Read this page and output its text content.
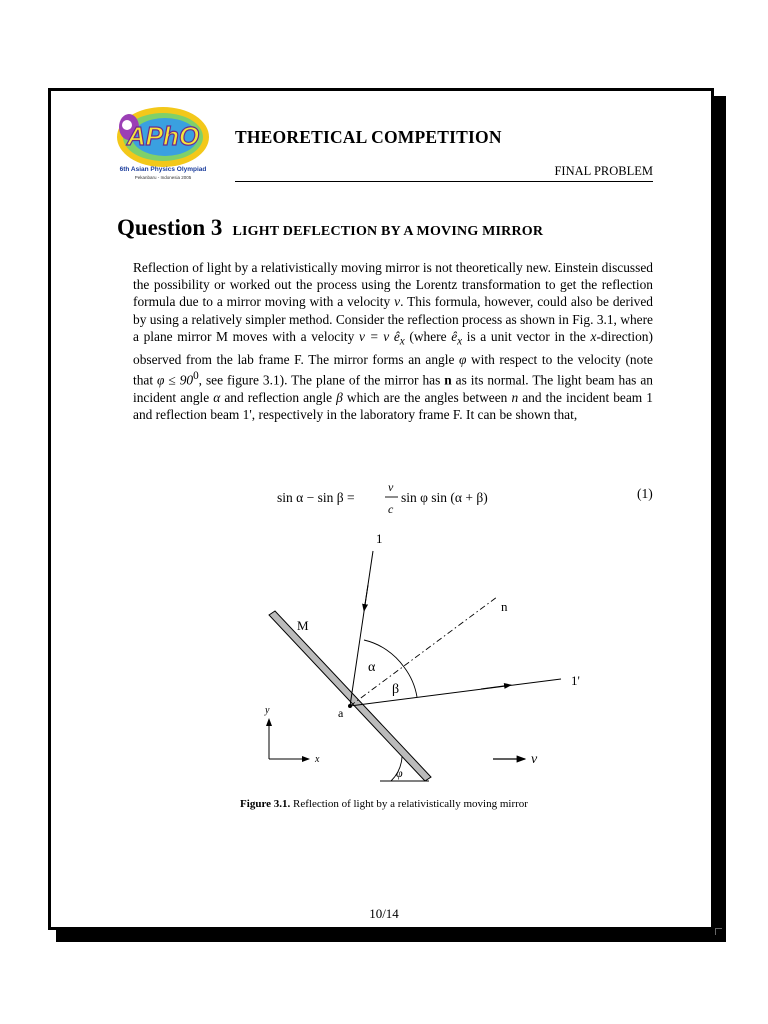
APhO
6th Asian Physics Olympiad
Pekanbaru - Indonesia 2005
THEORETICAL COMPETITION
FINAL PROBLEM
Question 3 LIGHT DEFLECTION BY A MOVING MIRROR

Reflection of light by a relativistically moving mirror is not theoretically new. Einstein discussed the possibility or worked out the process using the Lorentz transformation to get the reflection formula due to a mirror moving with a velocity v. This formula, however, could also be derived by using a relatively simpler method. Consider the reflection process as shown in Fig. 3.1, where a plane mirror M moves with a velocity v = v $ê_x$ (where $ê_x$ is a unit vector in the x-direction) observed from the lab frame F. The mirror forms an angle φ with respect to the velocity (note that $\varphi \le 90^0$, see figure 3.1). The plane of the mirror has n as its normal. The light beam has an incident angle α and reflection angle β which are the angles between n and the incident beam 1 and reflection beam 1', respectively in the laboratory frame F. It can be shown that,

sin α − sin β =
v
c
sin φ sin (α + β)	(1)
φ
1
n
M
1'
α
β
a
y
x	v
Figure 3.1. Reflection of light by a relativistically moving mirror
10/14
